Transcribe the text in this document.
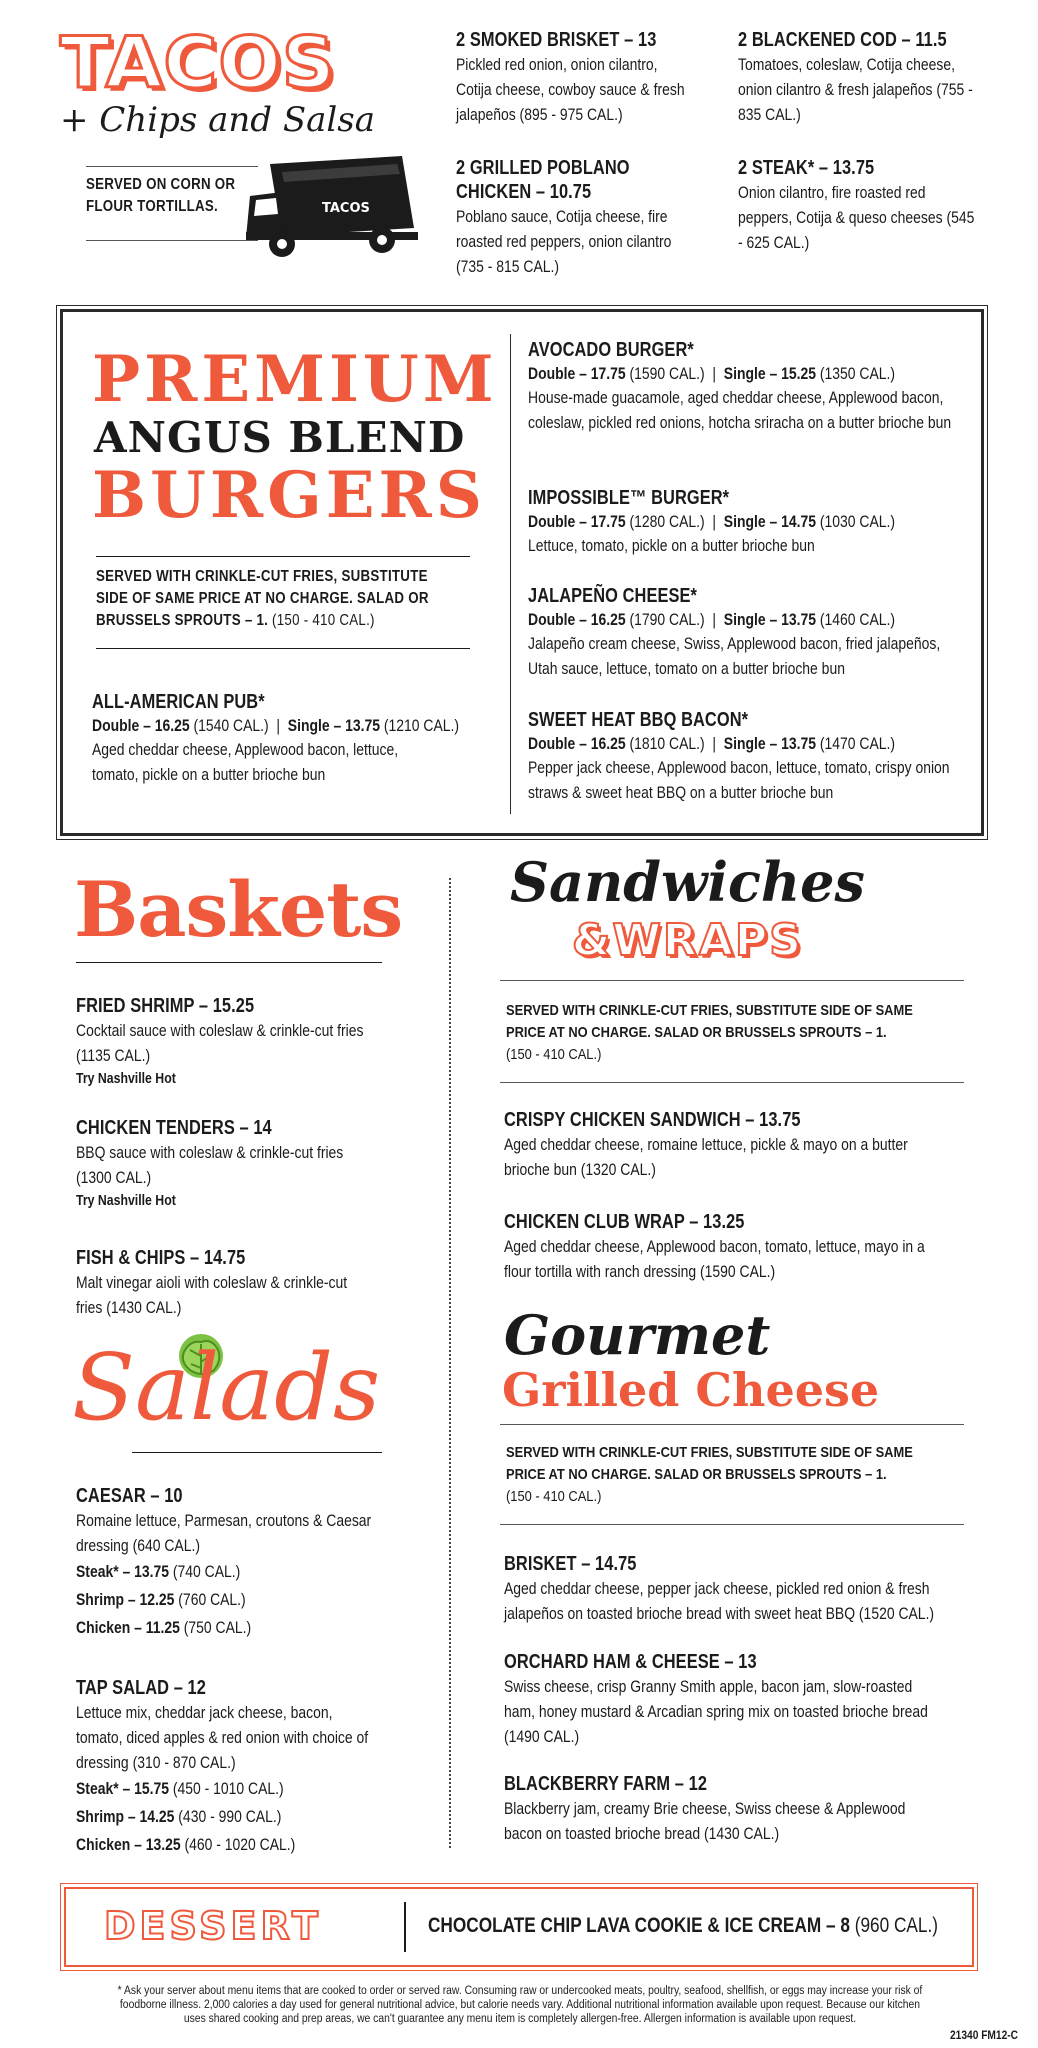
TACOS
+ Chips and Salsa
SERVED ON CORN OR FLOUR TORTILLAS.	TACOS
2 SMOKED BRISKET – 13
Pickled red onion, onion cilantro, Cotija cheese, cowboy sauce & fresh jalapeños (895 - 975 CAL.)
2 BLACKENED COD – 11.5
Tomatoes, coleslaw, Cotija cheese, onion cilantro & fresh jalapeños (755 - 835 CAL.)
2 GRILLED POBLANO CHICKEN – 10.75
Poblano sauce, Cotija cheese, fire roasted red peppers, onion cilantro (735 - 815 CAL.)
2 STEAK* – 13.75
Onion cilantro, fire roasted red peppers, Cotija & queso cheeses (545 - 625 CAL.)
PREMIUM
ANGUS BLEND
BURGERS
SERVED WITH CRINKLE-CUT FRIES, SUBSTITUTE SIDE OF SAME PRICE AT NO CHARGE. SALAD OR BRUSSELS SPROUTS – 1. (150 - 410 CAL.)
ALL-AMERICAN PUB*
Double – 16.25 (1540 CAL.)  |  Single – 13.75 (1210 CAL.)
Aged cheddar cheese, Applewood bacon, lettuce, tomato, pickle on a butter brioche bun
AVOCADO BURGER*
Double – 17.75 (1590 CAL.)  |  Single – 15.25 (1350 CAL.)
House-made guacamole, aged cheddar cheese, Applewood bacon, coleslaw, pickled red onions, hotcha sriracha on a butter brioche bun
IMPOSSIBLE™ BURGER*
Double – 17.75 (1280 CAL.)  |  Single – 14.75 (1030 CAL.)
Lettuce, tomato, pickle on a butter brioche bun
JALAPEÑO CHEESE*
Double – 16.25 (1790 CAL.)  |  Single – 13.75 (1460 CAL.)
Jalapeño cream cheese, Swiss, Applewood bacon, fried jalapeños, Utah sauce, lettuce, tomato on a butter brioche bun
SWEET HEAT BBQ BACON*
Double – 16.25 (1810 CAL.)  |  Single – 13.75 (1470 CAL.)
Pepper jack cheese, Applewood bacon, lettuce, tomato, crispy onion straws & sweet heat BBQ on a butter brioche bun
Baskets
FRIED SHRIMP – 15.25
Cocktail sauce with coleslaw & crinkle-cut fries (1135 CAL.)
Try Nashville Hot
CHICKEN TENDERS – 14
BBQ sauce with coleslaw & crinkle-cut fries (1300 CAL.)
Try Nashville Hot
FISH & CHIPS – 14.75
Malt vinegar aioli with coleslaw & crinkle-cut fries (1430 CAL.)
Salads
CAESAR – 10
Romaine lettuce, Parmesan, croutons & Caesar dressing (640 CAL.)
Steak* – 13.75 (740 CAL.)
Shrimp – 12.25 (760 CAL.)
Chicken – 11.25 (750 CAL.)
TAP SALAD – 12
Lettuce mix, cheddar jack cheese, bacon, tomato, diced apples & red onion with choice of dressing (310 - 870 CAL.)
Steak* – 15.75 (450 - 1010 CAL.)
Shrimp – 14.25 (430 - 990 CAL.)
Chicken – 13.25 (460 - 1020 CAL.)
Sandwiches
&WRAPS
SERVED WITH CRINKLE-CUT FRIES, SUBSTITUTE SIDE OF SAME PRICE AT NO CHARGE. SALAD OR BRUSSELS SPROUTS – 1.
(150 - 410 CAL.)
CRISPY CHICKEN SANDWICH – 13.75
Aged cheddar cheese, romaine lettuce, pickle & mayo on a butter brioche bun (1320 CAL.)
CHICKEN CLUB WRAP – 13.25
Aged cheddar cheese, Applewood bacon, tomato, lettuce, mayo in a flour tortilla with ranch dressing (1590 CAL.)
Gourmet
Grilled Cheese
SERVED WITH CRINKLE-CUT FRIES, SUBSTITUTE SIDE OF SAME PRICE AT NO CHARGE. SALAD OR BRUSSELS SPROUTS – 1.
(150 - 410 CAL.)
BRISKET – 14.75
Aged cheddar cheese, pepper jack cheese, pickled red onion & fresh jalapeños on toasted brioche bread with sweet heat BBQ (1520 CAL.)
ORCHARD HAM & CHEESE – 13
Swiss cheese, crisp Granny Smith apple, bacon jam, slow-roasted ham, honey mustard & Arcadian spring mix on toasted brioche bread (1490 CAL.)
BLACKBERRY FARM – 12
Blackberry jam, creamy Brie cheese, Swiss cheese & Applewood bacon on toasted brioche bread (1430 CAL.)
DESSERT	CHOCOLATE CHIP LAVA COOKIE & ICE CREAM – 8 (960 CAL.)
* Ask your server about menu items that are cooked to order or served raw. Consuming raw or undercooked meats, poultry, seafood, shellfish, or eggs may increase your risk of foodborne illness. 2,000 calories a day used for general nutritional advice, but calorie needs vary. Additional nutritional information available upon request. Because our kitchen uses shared cooking and prep areas, we can't guarantee any menu item is completely allergen-free. Allergen information is available upon request.
21340 FM12-C
